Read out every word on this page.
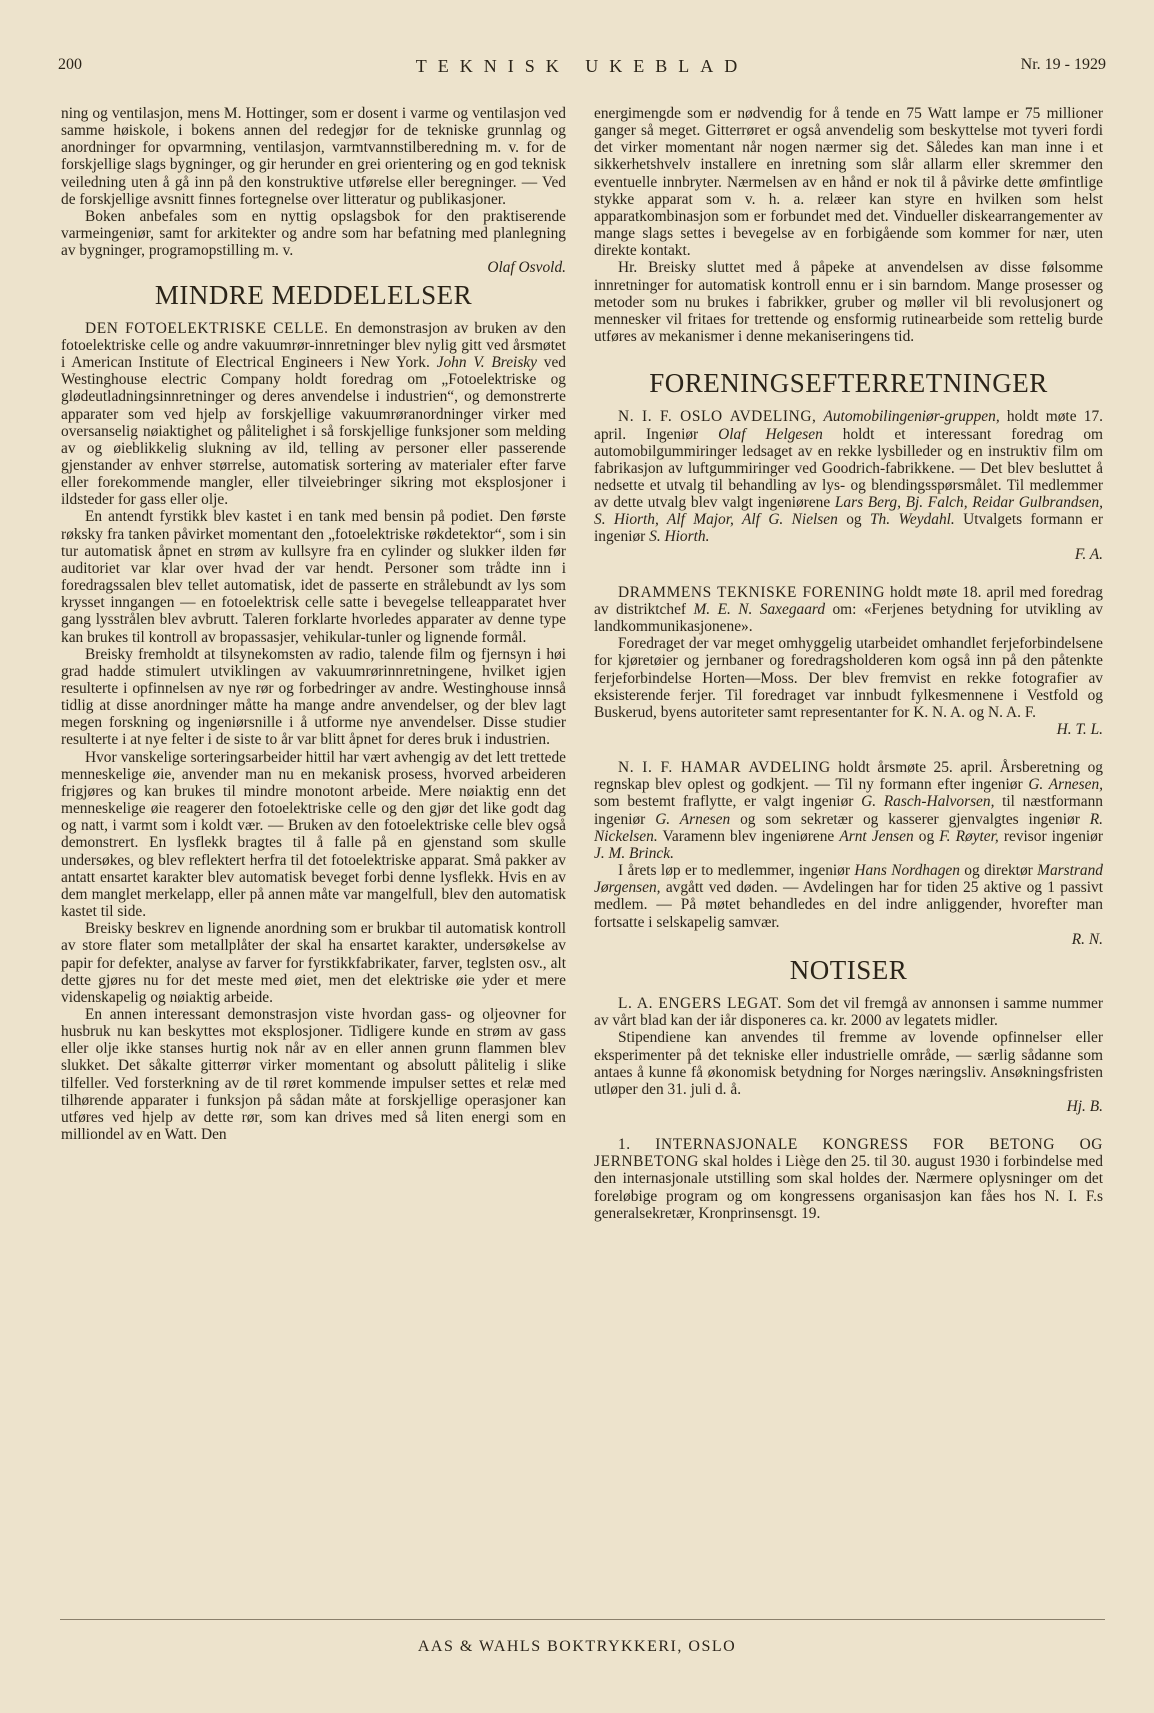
200	TEKNISK UKEBLAD	Nr. 19 - 1929

ning og ventilasjon, mens M. Hottinger, som er dosent i varme og ventilasjon ved samme høiskole, i bokens annen del redegjør for de tekniske grunnlag og anordninger for opvarmning, ventilasjon, varmtvannstilberedning m. v. for de forskjellige slags bygninger, og gir herunder en grei orientering og en god teknisk veiledning uten å gå inn på den konstruktive utførelse eller beregninger. — Ved de forskjellige avsnitt finnes fortegnelse over litteratur og publikasjoner.

Boken anbefales som en nyttig opslagsbok for den praktiserende varmeingeniør, samt for arkitekter og andre som har befatning med planlegning av bygninger, programopstilling m. v.

Olaf Osvold.
MINDRE MEDDELELSER

DEN FOTOELEKTRISKE CELLE. En demonstrasjon av bruken av den fotoelektriske celle og andre vakuumrør-innretninger blev nylig gitt ved årsmøtet i American Institute of Electrical Engineers i New York. John V. Breisky ved Westinghouse electric Company holdt foredrag om „Fotoelektriske og glødeutladningsinnretninger og deres anvendelse i industrien“, og demonstrerte apparater som ved hjelp av forskjellige vakuumrøranordninger virker med oversanselig nøiaktighet og pålitelighet i så forskjellige funksjoner som melding av og øieblikkelig slukning av ild, telling av personer eller passerende gjenstander av enhver størrelse, automatisk sortering av materialer efter farve eller forekommende mangler, eller tilveiebringer sikring mot eksplosjoner i ildsteder for gass eller olje.

En antendt fyrstikk blev kastet i en tank med bensin på podiet. Den første røksky fra tanken påvirket momentant den „fotoelektriske røkdetektor“, som i sin tur automatisk åpnet en strøm av kullsyre fra en cylinder og slukker ilden før auditoriet var klar over hvad der var hendt. Personer som trådte inn i foredragssalen blev tellet automatisk, idet de passerte en strålebundt av lys som krysset inngangen — en fotoelektrisk celle satte i bevegelse telleapparatet hver gang lysstrålen blev avbrutt. Taleren forklarte hvorledes apparater av denne type kan brukes til kontroll av bropassasjer, vehikular-tunler og lignende formål.

Breisky fremholdt at tilsynekomsten av radio, talende film og fjernsyn i høi grad hadde stimulert utviklingen av vakuumrørinnretningene, hvilket igjen resulterte i opfinnelsen av nye rør og forbedringer av andre. Westinghouse innså tidlig at disse anordninger måtte ha mange andre anvendelser, og der blev lagt megen forskning og ingeniørsnille i å utforme nye anvendelser. Disse studier resulterte i at nye felter i de siste to år var blitt åpnet for deres bruk i industrien.

Hvor vanskelige sorteringsarbeider hittil har vært avhengig av det lett trettede menneskelige øie, anvender man nu en mekanisk prosess, hvorved arbeideren frigjøres og kan brukes til mindre monotont arbeide. Mere nøiaktig enn det menneskelige øie reagerer den fotoelektriske celle og den gjør det like godt dag og natt, i varmt som i koldt vær. — Bruken av den fotoelektriske celle blev også demonstrert. En lysflekk bragtes til å falle på en gjenstand som skulle undersøkes, og blev reflektert herfra til det fotoelektriske apparat. Små pakker av antatt ensartet karakter blev automatisk beveget forbi denne lysflekk. Hvis en av dem manglet merkelapp, eller på annen måte var mangelfull, blev den automatisk kastet til side.

Breisky beskrev en lignende anordning som er brukbar til automatisk kontroll av store flater som metallplåter der skal ha ensartet karakter, undersøkelse av papir for defekter, analyse av farver for fyrstikkfabrikater, farver, teglsten osv., alt dette gjøres nu for det meste med øiet, men det elektriske øie yder et mere videnskapelig og nøiaktig arbeide.

En annen interessant demonstrasjon viste hvordan gass- og oljeovner for husbruk nu kan beskyttes mot eksplosjoner. Tidligere kunde en strøm av gass eller olje ikke stanses hurtig nok når av en eller annen grunn flammen blev slukket. Det såkalte gitterrør virker momentant og absolutt pålitelig i slike tilfeller. Ved forsterkning av de til røret kommende impulser settes et relæ med tilhørende apparater i funksjon på sådan måte at forskjellige operasjoner kan utføres ved hjelp av dette rør, som kan drives med så liten energi som en milliondel av en Watt. Den

energimengde som er nødvendig for å tende en 75 Watt lampe er 75 millioner ganger så meget. Gitterrøret er også anvendelig som beskyttelse mot tyveri fordi det virker momentant når nogen nærmer sig det. Således kan man inne i et sikkerhetshvelv installere en inretning som slår allarm eller skremmer den eventuelle innbryter. Nærmelsen av en hånd er nok til å påvirke dette ømfintlige stykke apparat som v. h. a. relæer kan styre en hvilken som helst apparatkombinasjon som er forbundet med det. Vindueller diskearrangementer av mange slags settes i bevegelse av en forbigående som kommer for nær, uten direkte kontakt.

Hr. Breisky sluttet med å påpeke at anvendelsen av disse følsomme innretninger for automatisk kontroll ennu er i sin barndom. Mange prosesser og metoder som nu brukes i fabrikker, gruber og møller vil bli revolusjonert og mennesker vil fritaes for trettende og ensformig rutinearbeide som rettelig burde utføres av mekanismer i denne mekaniseringens tid.

FORENINGSEFTERRETNINGER

N. I. F. OSLO AVDELING, Automobilingeniør-gruppen, holdt møte 17. april. Ingeniør Olaf Helgesen holdt et interessant foredrag om automobilgummiringer ledsaget av en rekke lysbilleder og en instruktiv film om fabrikasjon av luftgummiringer ved Goodrich-fabrikkene. — Det blev besluttet å nedsette et utvalg til behandling av lys- og blendingsspørsmålet. Til medlemmer av dette utvalg blev valgt ingeniørene Lars Berg, Bj. Falch, Reidar Gulbrandsen, S. Hiorth, Alf Major, Alf G. Nielsen og Th. Weydahl. Utvalgets formann er ingeniør S. Hiorth.

F. A.

DRAMMENS TEKNISKE FORENING holdt møte 18. april med foredrag av distriktchef M. E. N. Saxegaard om: «Ferjenes betydning for utvikling av landkommunikasjonene».

Foredraget der var meget omhyggelig utarbeidet omhandlet ferjeforbindelsene for kjøretøier og jernbaner og foredragsholderen kom også inn på den påtenkte ferjeforbindelse Horten—Moss. Der blev fremvist en rekke fotografier av eksisterende ferjer. Til foredraget var innbudt fylkesmennene i Vestfold og Buskerud, byens autoriteter samt representanter for K. N. A. og N. A. F.

H. T. L.

N. I. F. HAMAR AVDELING holdt årsmøte 25. april. Årsberetning og regnskap blev oplest og godkjent. — Til ny formann efter ingeniør G. Arnesen, som bestemt fraflytte, er valgt ingeniør G. Rasch-Halvorsen, til næstformann ingeniør G. Arnesen og som sekretær og kasserer gjenvalgtes ingeniør R. Nickelsen. Varamenn blev ingeniørene Arnt Jensen og F. Røyter, revisor ingeniør J. M. Brinck.

I årets løp er to medlemmer, ingeniør Hans Nordhagen og direktør Marstrand Jørgensen, avgått ved døden. — Avdelingen har for tiden 25 aktive og 1 passivt medlem. — På møtet behandledes en del indre anliggender, hvorefter man fortsatte i selskapelig samvær.

R. N.
NOTISER

L. A. ENGERS LEGAT. Som det vil fremgå av annonsen i samme nummer av vårt blad kan der iår disponeres ca. kr. 2000 av legatets midler.

Stipendiene kan anvendes til fremme av lovende opfinnelser eller eksperimenter på det tekniske eller industrielle område, — særlig sådanne som antaes å kunne få økonomisk betydning for Norges næringsliv. Ansøkningsfristen utløper den 31. juli d. å.

Hj. B.

1. INTERNASJONALE KONGRESS FOR BETONG OG JERNBETONG skal holdes i Liège den 25. til 30. august 1930 i forbindelse med den internasjonale utstilling som skal holdes der. Nærmere oplysninger om det foreløbige program og om kongressens organisasjon kan fåes hos N. I. F.s generalsekretær, Kronprinsensgt. 19.

AAS & WAHLS BOKTRYKKERI, OSLO
